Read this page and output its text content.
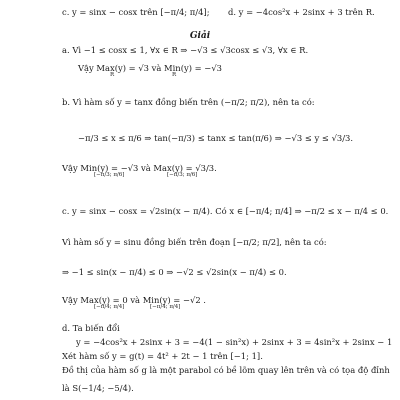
c. y = sinx − cosx trên [−π/4; π/4]; d. y = −4cos²x + 2sinx + 3 trên R.
Giải
a. Vì −1 ≤ cosx ≤ 1, ∀x ∈ R ⇒ −√3 ≤ √3cosx ≤ √3, ∀x ∈ R.
Vậy Max(y) = √3 và Min(y) = −√3
R	R
b. Vì hàm số y = tanx đồng biến trên (−π/2; π/2), nên ta có:
−π/3 ≤ x ≤ π/6 ⇒ tan(−π/3) ≤ tanx ≤ tan(π/6) ⇒ −√3 ≤ y ≤ √3/3.
Vậy Min(y) = −√3 và Max(y) = √3/3.
[−π/3; π/6]	[−π/3; π/6]
c. y = sinx − cosx = √2sin(x − π/4). Có x ∈ [−π/4; π/4] ⇒ −π/2 ≤ x − π/4 ≤ 0.
Vì hàm số y = sinu đồng biến trên đoạn [−π/2; π/2], nên ta có:
⇒ −1 ≤ sin(x − π/4) ≤ 0 ⇒ −√2 ≤ √2sin(x − π/4) ≤ 0.
Vậy Max(y) = 0 và Min(y) = −√2 .
[−π/4; π/4]	[−π/4; π/4]
d. Ta biến đổi
y = −4cos²x + 2sinx + 3 = −4(1 − sin²x) + 2sinx + 3 = 4sin²x + 2sinx − 1
Xét hàm số y = g(t) = 4t² + 2t − 1 trên [−1; 1].
Đồ thị của hàm số g là một parabol có bề lõm quay lên trên và có tọa độ đỉnh
là S(−1/4; −5/4).
